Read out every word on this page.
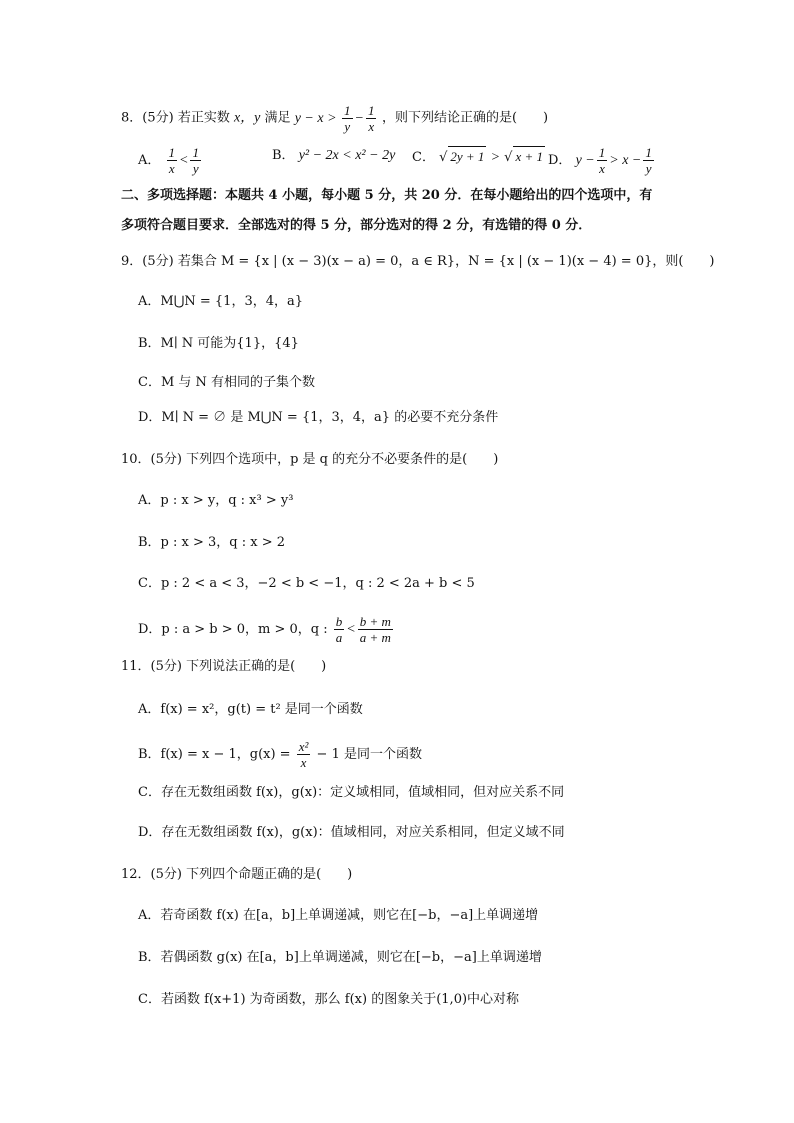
8．(5分) 若正实数 x，y 满足 $y - x > \frac{1}{y} - \frac{1}{x}$ ，则下列结论正确的是(　　)
A． $\frac{1}{x} < \frac{1}{y}$	B． y² − 2x < x² − 2y C． √ 2y + 1 > √ x + 1 D． $y - \frac{1}{x} > x - \frac{1}{y}$
二、多项选择题：本题共 4 小题，每小题 5 分，共 20 分．在每小题给出的四个选项中，有
多项符合题目要求．全部选对的得 5 分，部分选对的得 2 分，有选错的得 0 分．
9．(5分) 若集合 M = {x | (x − 3)(x − a) = 0，a ∈ R}，N = {x | (x − 1)(x − 4) = 0}，则(　　)
A．M⋃N = {1，3，4，a}
B．M∣ N 可能为{1}，{4}
C．M 与 N 有相同的子集个数
D．M∣ N = ∅ 是 M⋃N = {1，3，4，a} 的必要不充分条件
10．(5分) 下列四个选项中，p 是 q 的充分不必要条件的是(　　)
A．p : x > y，q : x³ > y³
B．p : x > 3，q : x > 2
C．p : 2 < a < 3，−2 < b < −1，q : 2 < 2a + b < 5
D．p : a > b > 0，m > 0，q : $\frac{b}{a} < \frac{b + m}{a + m}$
11．(5分) 下列说法正确的是(　　)
A．f(x) = x²，g(t) = t² 是同一个函数
B．f(x) = x − 1，$g(x) = \frac{\text{x²}}{x} - 1$ 是同一个函数
C．存在无数组函数 f(x)，g(x)：定义域相同，值域相同，但对应关系不同
D．存在无数组函数 f(x)，g(x)：值域相同，对应关系相同，但定义域不同
12．(5分) 下列四个命题正确的是(　　)
A．若奇函数 f(x) 在[a，b]上单调递减，则它在[−b，−a]上单调递增
B．若偶函数 g(x) 在[a，b]上单调递减，则它在[−b，−a]上单调递增
C．若函数 f(x+1) 为奇函数，那么 f(x) 的图象关于(1,0)中心对称
